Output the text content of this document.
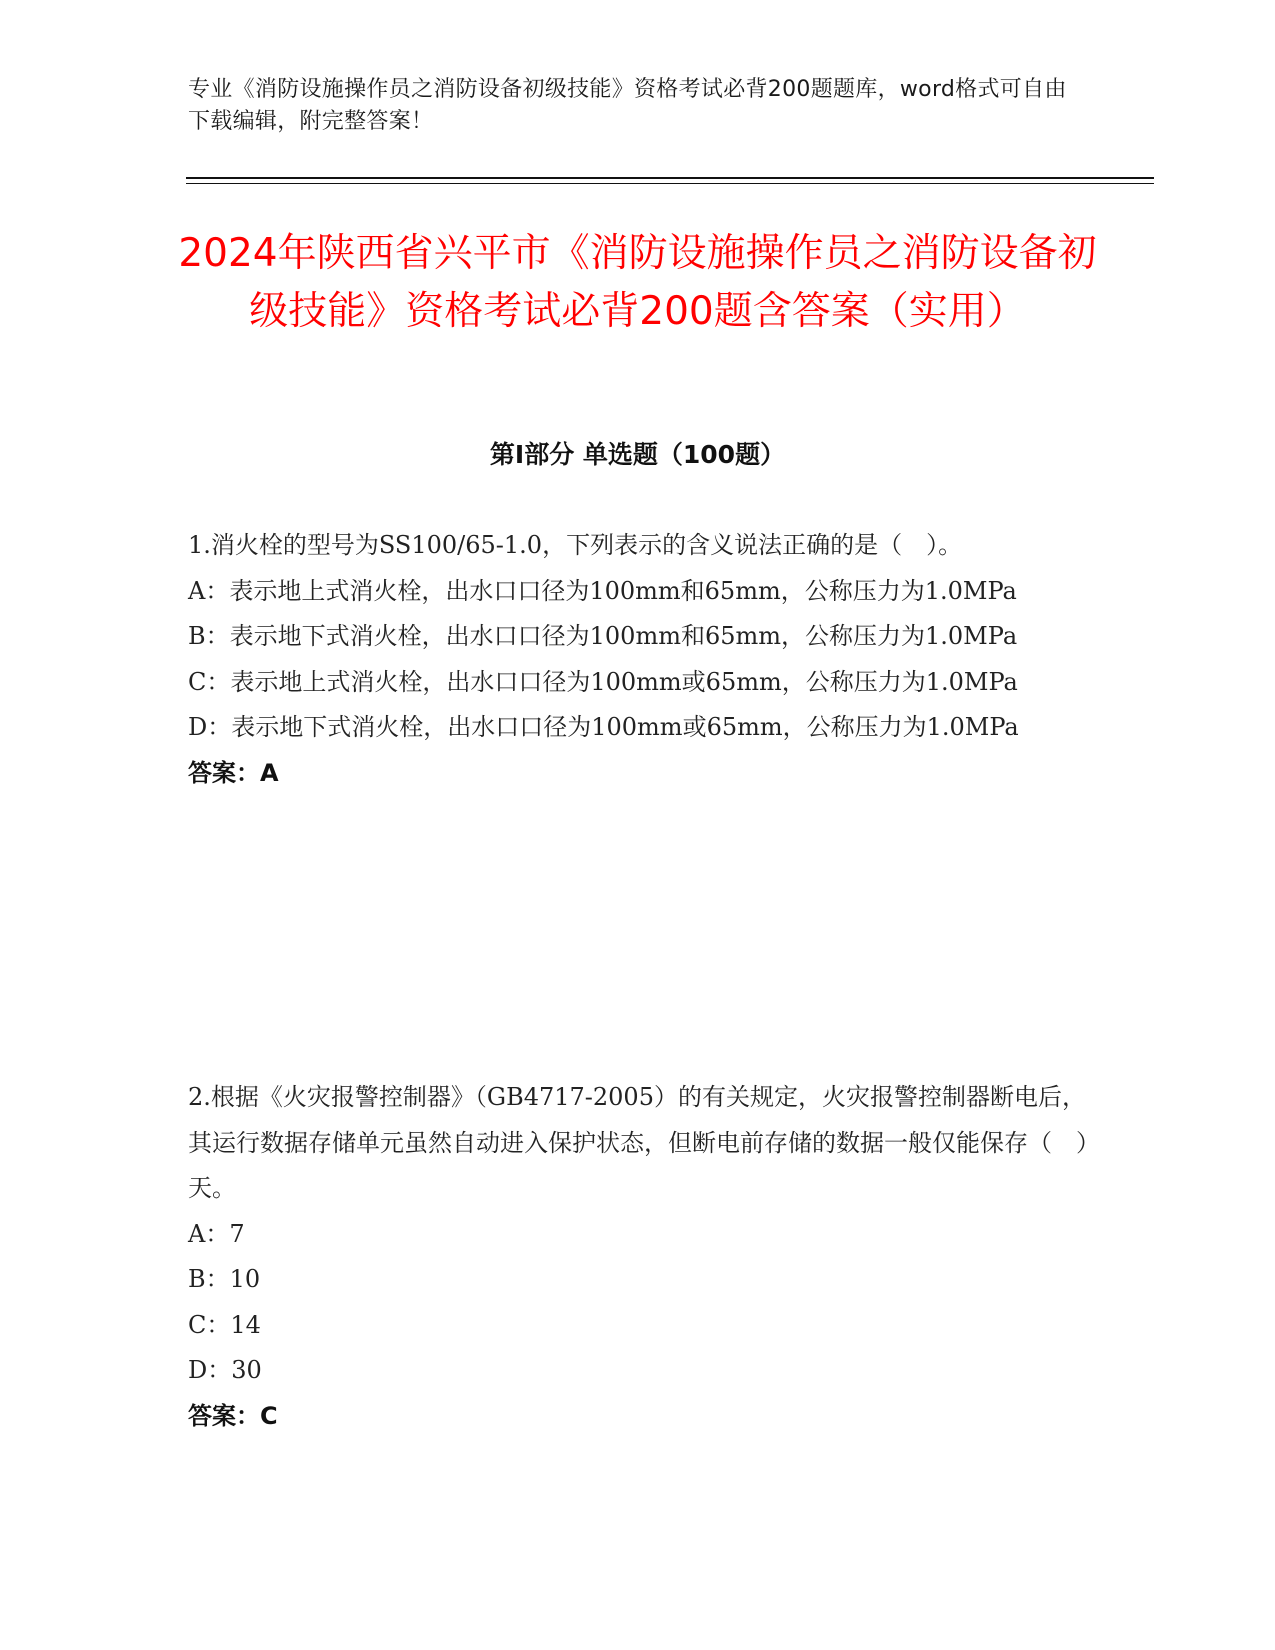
专业《消防设施操作员之消防设备初级技能》资格考试必背200题题库，word格式可自由下载编辑，附完整答案！
2024年陕西省兴平市《消防设施操作员之消防设备初级技能》资格考试必背200题含答案（实用）
第I部分 单选题（100题）

1.消火栓的型号为SS100/65-1.0，下列表示的含义说法正确的是（　）。

A：表示地上式消火栓，出水口口径为100mm和65mm，公称压力为1.0MPa

B：表示地下式消火栓，出水口口径为100mm和65mm，公称压力为1.0MPa

C：表示地上式消火栓，出水口口径为100mm或65mm，公称压力为1.0MPa

D：表示地下式消火栓，出水口口径为100mm或65mm，公称压力为1.0MPa

答案：A

2.根据《火灾报警控制器》（GB4717-2005）的有关规定，火灾报警控制器断电后，其运行数据存储单元虽然自动进入保护状态，但断电前存储的数据一般仅能保存（　）天。

A：7

B：10

C：14

D：30

答案：C
